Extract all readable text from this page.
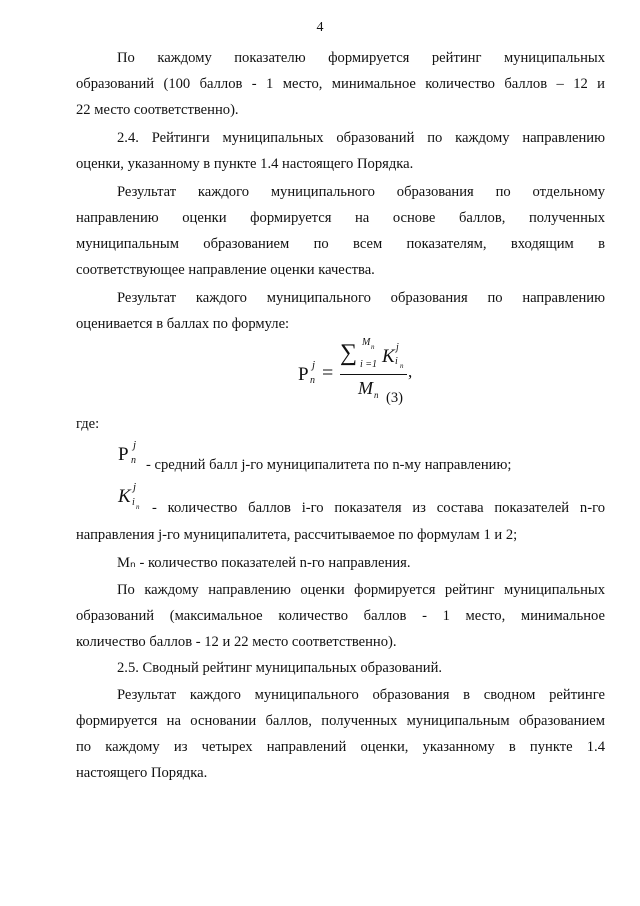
4
По каждому показателю формируется рейтинг муниципальных
образований (100 баллов - 1 место, минимальное количество баллов – 12 и
22 место соответственно).
2.4. Рейтинги муниципальных образований по каждому направлению
оценки, указанному в пункте 1.4 настоящего Порядка.
Результат каждого муниципального образования по отдельному
направлению оценки формируется на основе баллов, полученных
муниципальным образованием по всем показателям, входящим в
соответствующее направление оценки качества.
Результат каждого муниципального образования по направлению
оценивается в баллах по формуле:
P j
n =
∑ M n
i =1 K j
i n ,
M n (3)
где:
P j
n - средний балл j-го муниципалитета по n-му направлению;
K j
i n - количество баллов i-го показателя из состава показателей n-го
направления j-го муниципалитета, рассчитываемое по формулам 1 и 2;
Mₙ - количество показателей n-го направления.
По каждому направлению оценки формируется рейтинг муниципальных
образований (максимальное количество баллов - 1 место, минимальное
количество баллов - 12 и 22 место соответственно).
2.5. Сводный рейтинг муниципальных образований.
Результат каждого муниципального образования в сводном рейтинге
формируется на основании баллов, полученных муниципальным образованием
по каждому из четырех направлений оценки, указанному в пункте 1.4
настоящего Порядка.
